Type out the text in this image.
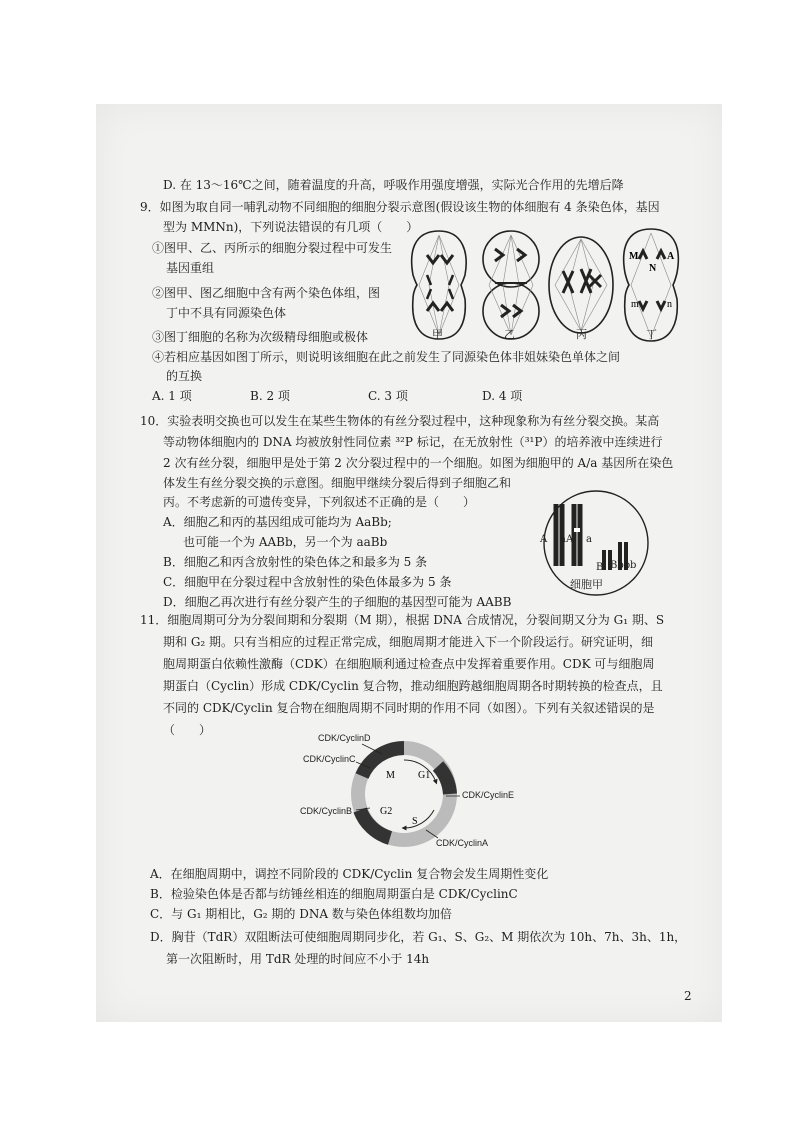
D. 在 13～16℃之间，随着温度的升高，呼吸作用强度增强，实际光合作用的先增后降
9．如图为取自同一哺乳动物不同细胞的细胞分裂示意图(假设该生物的体细胞有 4 条染色体，基因
型为 MMNn)，下列说法错误的有几项（　　）
①图甲、乙、丙所示的细胞分裂过程中可发生
基因重组
②图甲、图乙细胞中含有两个染色体组，图
丁中不具有同源染色体
③图丁细胞的名称为次级精母细胞或极体
④若相应基因如图丁所示，则说明该细胞在此之前发生了同源染色体非姐妹染色单体之间
的互换
A. 1 项	B. 2 项	C. 3 项	D. 4 项
M	A
N
m	n
甲	乙	丙	丁
10．实验表明交换也可以发生在某些生物体的有丝分裂过程中，这种现象称为有丝分裂交换。某高
等动物体细胞内的 DNA 均被放射性同位素 ³²P 标记，在无放射性（³¹P）的培养液中连续进行
2 次有丝分裂，细胞甲是处于第 2 次分裂过程中的一个细胞。如图为细胞甲的 A/a 基因所在染色
体发生有丝分裂交换的示意图。细胞甲继续分裂后得到子细胞乙和
丙。不考虑新的可遗传变异，下列叙述不正确的是（　　）
A．细胞乙和丙的基因组成可能均为 AaBb;
也可能一个为 AABb，另一个为 aaBb
B．细胞乙和丙含放射性的染色体之和最多为 5 条
C．细胞甲在分裂过程中含放射性的染色体最多为 5 条
D．细胞乙再次进行有丝分裂产生的子细胞的基因型可能为 AABB
A aA a
B Bbb b
细胞甲
11．细胞周期可分为分裂间期和分裂期（M 期），根据 DNA 合成情况，分裂间期又分为 G₁ 期、S
期和 G₂ 期。只有当相应的过程正常完成，细胞周期才能进入下一个阶段运行。研究证明，细
胞周期蛋白依赖性激酶（CDK）在细胞顺利通过检查点中发挥着重要作用。CDK 可与细胞周
期蛋白（Cyclin）形成 CDK/Cyclin 复合物，推动细胞跨越细胞周期各时期转换的检查点，且
不同的 CDK/Cyclin 复合物在细胞周期不同时期的作用不同（如图）。下列有关叙述错误的是
（　　）
M G1
S
G2
CDK/CyclinD
CDK/CyclinC
CDK/CyclinE
CDK/CyclinB
CDK/CyclinA
A．在细胞周期中，调控不同阶段的 CDK/Cyclin 复合物会发生周期性变化
B．检验染色体是否都与纺锤丝相连的细胞周期蛋白是 CDK/CyclinC
C．与 G₁ 期相比，G₂ 期的 DNA 数与染色体组数均加倍
D．胸苷（TdR）双阻断法可使细胞周期同步化，若 G₁、S、G₂、M 期依次为 10h、7h、3h、1h，
第一次阻断时，用 TdR 处理的时间应不小于 14h
2
